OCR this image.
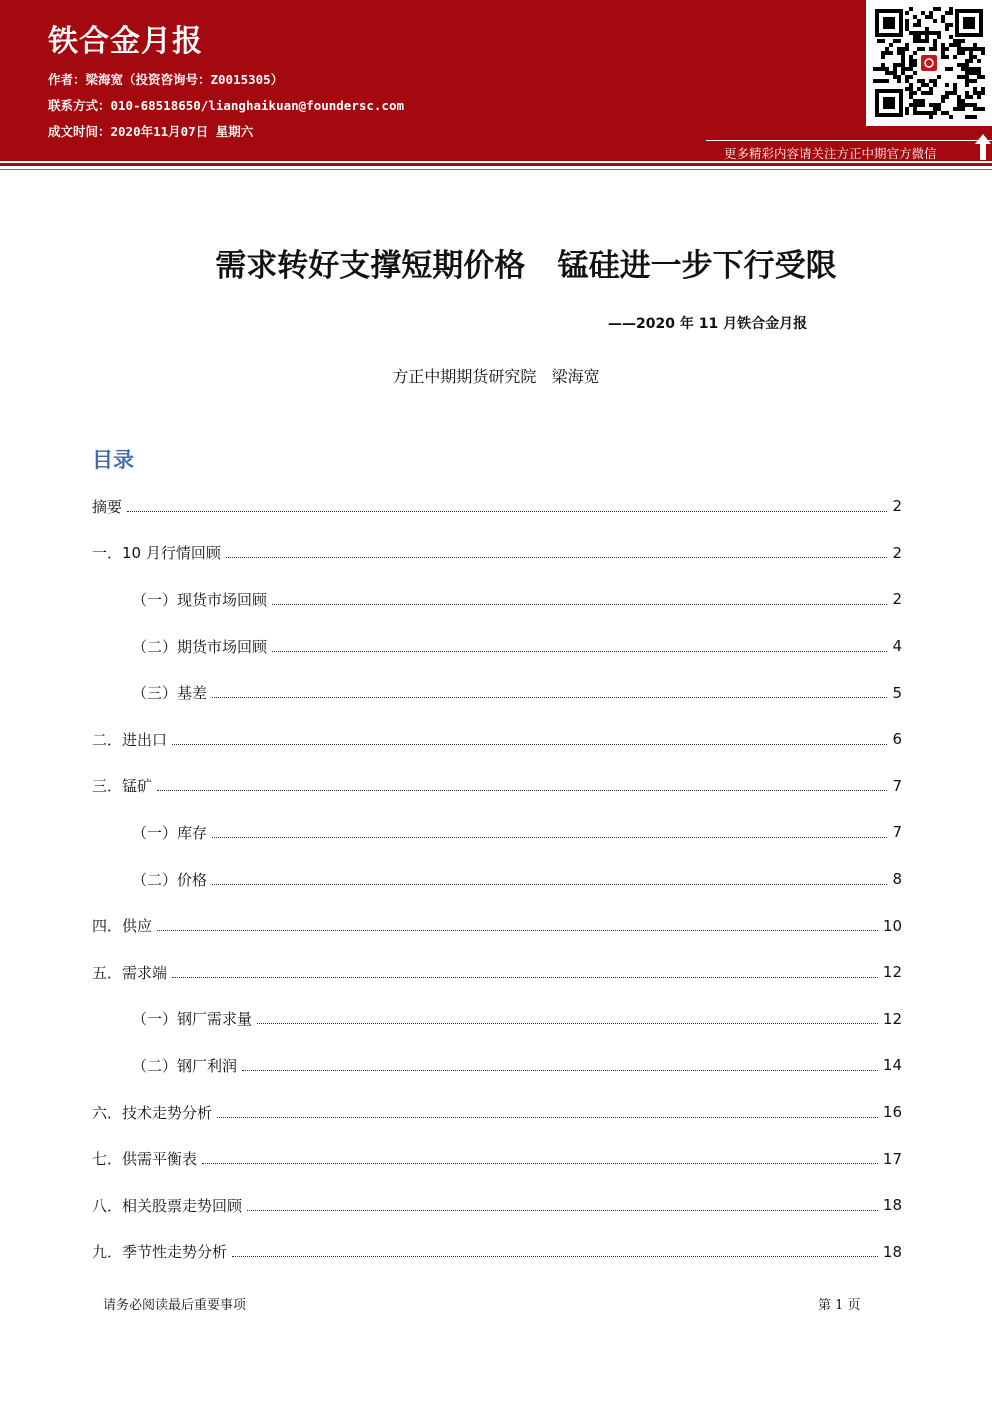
铁合金月报
作者：梁海宽（投资咨询号：Z0015305）
联系方式：010-68518650/lianghaikuan@foundersc.com
成文时间：2020年11月07日 星期六
更多精彩内容请关注方正中期官方微信
需求转好支撑短期价格   锰硅进一步下行受限
——2020 年 11 月铁合金月报
方正中期期货研究院   梁海宽
目录
摘要	2
一．10 月行情回顾	2
（一）现货市场回顾	2
（二）期货市场回顾	4
（三）基差	5
二．进出口	6
三．锰矿	7
（一）库存	7
（二）价格	8
四．供应	10
五．需求端	12
（一）钢厂需求量	12
（二）钢厂利润	14
六．技术走势分析	16
七．供需平衡表	17
八．相关股票走势回顾	18
九．季节性走势分析	18
请务必阅读最后重要事项	第 1 页
